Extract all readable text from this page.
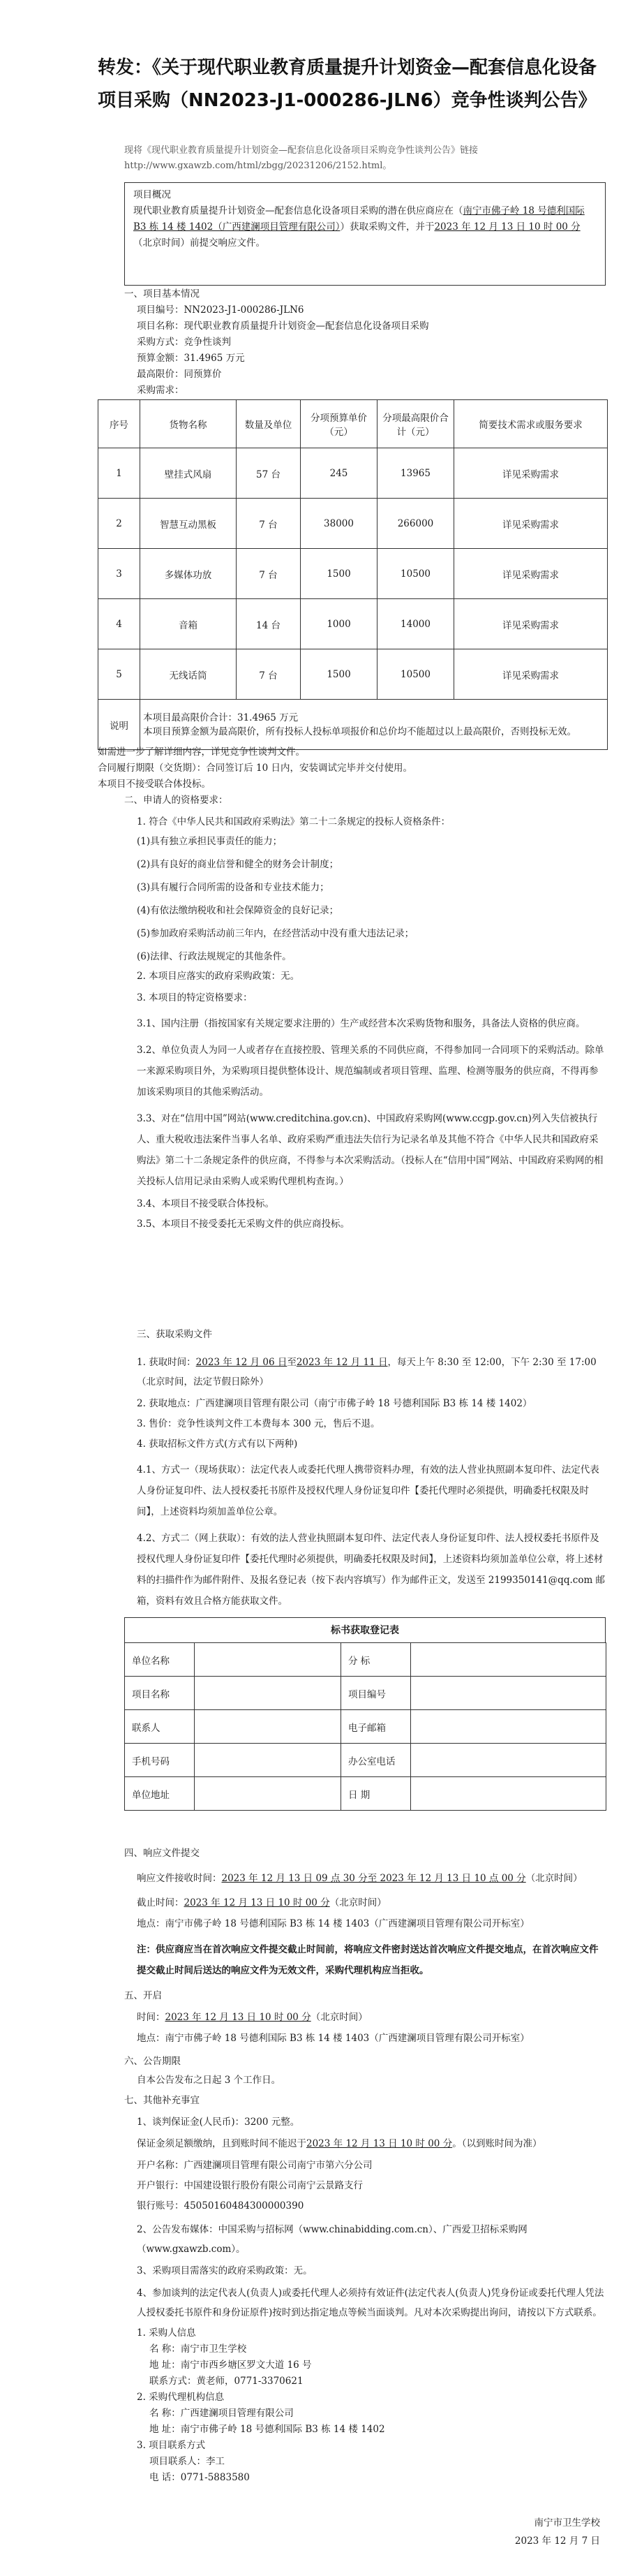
转发：《关于现代职业教育质量提升计划资金—配套信息化设备项目采购（NN2023-J1-000286-JLN6）竞争性谈判公告》
现将《现代职业教育质量提升计划资金—配套信息化设备项目采购竞争性谈判公告》链接 http://www.gxawzb.com/html/zbgg/20231206/2152.html。
项目概况
现代职业教育质量提升计划资金—配套信息化设备项目采购的潜在供应商应在（南宁市佛子岭 18 号德利国际 B3 栋 14 楼 1402（广西建澜项目管理有限公司））获取采购文件，并于2023 年 12 月 13 日 10 时 00 分（北京时间）前提交响应文件。

一、项目基本情况

项目编号：NN2023-J1-000286-JLN6

项目名称：现代职业教育质量提升计划资金—配套信息化设备项目采购

采购方式：竞争性谈判

预算金额：31.4965 万元

最高限价：同预算价

采购需求：

序号	货物名称	数量及单位	分项预算单价（元）	分项最高限价合计（元）	简要技术需求或服务要求
1	壁挂式风扇	57 台	245	13965	详见采购需求
2	智慧互动黑板	7 台	38000	266000	详见采购需求
3	多媒体功放	7 台	1500	10500	详见采购需求
4	音箱	14 台	1000	14000	详见采购需求
5	无线话筒	7 台	1500	10500	详见采购需求
说明	本项目最高限价合计：31.4965 万元
本项目预算金额为最高限价，所有投标人投标单项报价和总价均不能超过以上最高限价，否则投标无效。				

如需进一步了解详细内容，详见竞争性谈判文件。

合同履行期限（交货期）：合同签订后 10 日内，安装调试完毕并交付使用。

本项目不接受联合体投标。

二、申请人的资格要求：

1. 符合《中华人民共和国政府采购法》第二十二条规定的投标人资格条件：

(1)具有独立承担民事责任的能力；

(2)具有良好的商业信誉和健全的财务会计制度；

(3)具有履行合同所需的设备和专业技术能力；

(4)有依法缴纳税收和社会保障资金的良好记录；

(5)参加政府采购活动前三年内，在经营活动中没有重大违法记录；

(6)法律、行政法规规定的其他条件。

2. 本项目应落实的政府采购政策：无。

3. 本项目的特定资格要求：

3.1、国内注册（指按国家有关规定要求注册的）生产或经营本次采购货物和服务，具备法人资格的供应商。

3.2、单位负责人为同一人或者存在直接控股、管理关系的不同供应商，不得参加同一合同项下的采购活动。除单一来源采购项目外，为采购项目提供整体设计、规范编制或者项目管理、监理、检测等服务的供应商，不得再参加该采购项目的其他采购活动。

3.3、对在“信用中国”网站(www.creditchina.gov.cn)、中国政府采购网(www.ccgp.gov.cn)列入失信被执行人、重大税收违法案件当事人名单、政府采购严重违法失信行为记录名单及其他不符合《中华人民共和国政府采购法》第二十二条规定条件的供应商，不得参与本次采购活动。（投标人在“信用中国”网站、中国政府采购网的相关投标人信用记录由采购人或采购代理机构查询。）

3.4、本项目不接受联合体投标。

3.5、本项目不接受委托无采购文件的供应商投标。

三、获取采购文件

1. 获取时间：2023 年 12 月 06 日至2023 年 12 月 11 日，每天上午 8:30 至 12:00，下午 2:30 至 17:00（北京时间，法定节假日除外）

2. 获取地点：广西建澜项目管理有限公司（南宁市佛子岭 18 号德利国际 B3 栋 14 楼 1402）

3. 售价：竞争性谈判文件工本费每本 300 元，售后不退。

4. 获取招标文件方式(方式有以下两种)

4.1、方式一（现场获取）：法定代表人或委托代理人携带资料办理，有效的法人营业执照副本复印件、法定代表人身份证复印件、法人授权委托书原件及授权代理人身份证复印件【委托代理时必须提供，明确委托权限及时间】，上述资料均须加盖单位公章。

4.2、方式二（网上获取）：有效的法人营业执照副本复印件、法定代表人身份证复印件、法人授权委托书原件及授权代理人身份证复印件【委托代理时必须提供，明确委托权限及时间】，上述资料均须加盖单位公章，将上述材料的扫描件作为邮件附件、及报名登记表（按下表内容填写）作为邮件正文，发送至 2199350141@qq.com 邮箱，资料有效且合格方能获取文件。

标书获取登记表
单位名称		分 标	
项目名称		项目编号	
联系人		电子邮箱	
手机号码		办公室电话	
单位地址		日 期	

四、响应文件提交

响应文件接收时间：2023 年 12 月 13 日 09 点 30 分至 2023 年 12 月 13 日 10 点 00 分（北京时间）

截止时间：2023 年 12 月 13 日 10 时 00 分（北京时间）

地点：南宁市佛子岭 18 号德利国际 B3 栋 14 楼 1403（广西建澜项目管理有限公司开标室）

注：供应商应当在首次响应文件提交截止时间前，将响应文件密封送达首次响应文件提交地点，在首次响应文件提交截止时间后送达的响应文件为无效文件，采购代理机构应当拒收。

五、开启

时间：2023 年 12 月 13 日 10 时 00 分（北京时间）

地点：南宁市佛子岭 18 号德利国际 B3 栋 14 楼 1403（广西建澜项目管理有限公司开标室）

六、公告期限

自本公告发布之日起 3 个工作日。

七、其他补充事宜

1、谈判保证金(人民币)：3200 元整。

保证金须足额缴纳，且到账时间不能迟于2023 年 12 月 13 日 10 时 00 分。（以到账时间为准）

开户名称：广西建澜项目管理有限公司南宁市第六分公司

开户银行：中国建设银行股份有限公司南宁云景路支行

银行账号：45050160484300000390

2、公告发布媒体：中国采购与招标网（www.chinabidding.com.cn）、广西爱卫招标采购网（www.gxawzb.com）。

3、采购项目需落实的政府采购政策：无。

4、参加谈判的法定代表人(负责人)或委托代理人必须持有效证件(法定代表人(负责人)凭身份证或委托代理人凭法人授权委托书原件和身份证原件)按时到达指定地点等候当面谈判。凡对本次采购提出询问，请按以下方式联系。

1. 采购人信息

名 称：南宁市卫生学校

地 址：南宁市西乡塘区罗文大道 16 号

联系方式：黄老师，0771-3370621

2. 采购代理机构信息

名 称：广西建澜项目管理有限公司

地 址：南宁市佛子岭 18 号德利国际 B3 栋 14 楼 1402

3. 项目联系方式

项目联系人：李工

电 话：0771-5883580

南宁市卫生学校
2023 年 12 月 7 日
